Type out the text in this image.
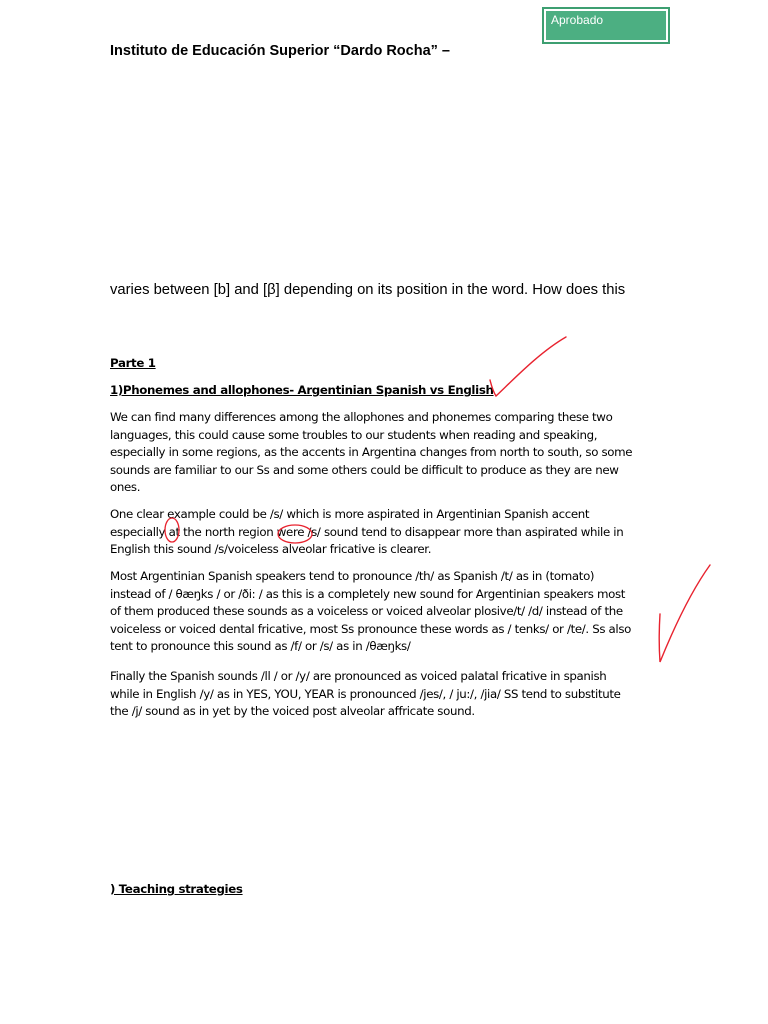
Aprobado
Instituto de Educación Superior “Dardo Rocha” –
varies between [b] and [β] depending on its position in the word. How does this
Parte 1
1)Phonemes and allophones- Argentinian Spanish vs English
We can find many differences among the allophones and phonemes comparing these two
languages, this could cause some troubles to our students when reading and speaking,
especially in some regions, as the accents in Argentina changes from north to south, so some
sounds are familiar to our Ss and some others could be difficult to produce as they are new
ones.
One clear example could be /s/ which is more aspirated in Argentinian Spanish accent
especially at the north region were /s/ sound tend to disappear more than aspirated while in
English this sound /s/voiceless alveolar fricative is clearer.
Most Argentinian Spanish speakers tend to pronounce /th/ as Spanish /t/ as in (tomato)
instead of / θæŋks / or /ði: / as this is a completely new sound for Argentinian speakers most
of them produced these sounds as a voiceless or voiced alveolar plosive/t/ /d/ instead of the
voiceless or voiced dental fricative, most Ss pronounce these words as / tenks/ or /te/. Ss also
tent to pronounce this sound as /f/ or /s/ as in /θæŋks/
Finally the Spanish sounds /ll / or /y/ are pronounced as voiced palatal fricative in spanish
while in English /y/ as in YES, YOU, YEAR is pronounced /jes/, / ju:/, /jia/ SS tend to substitute
the /j/ sound as in yet by the voiced post alveolar affricate sound.
) Teaching strategies
